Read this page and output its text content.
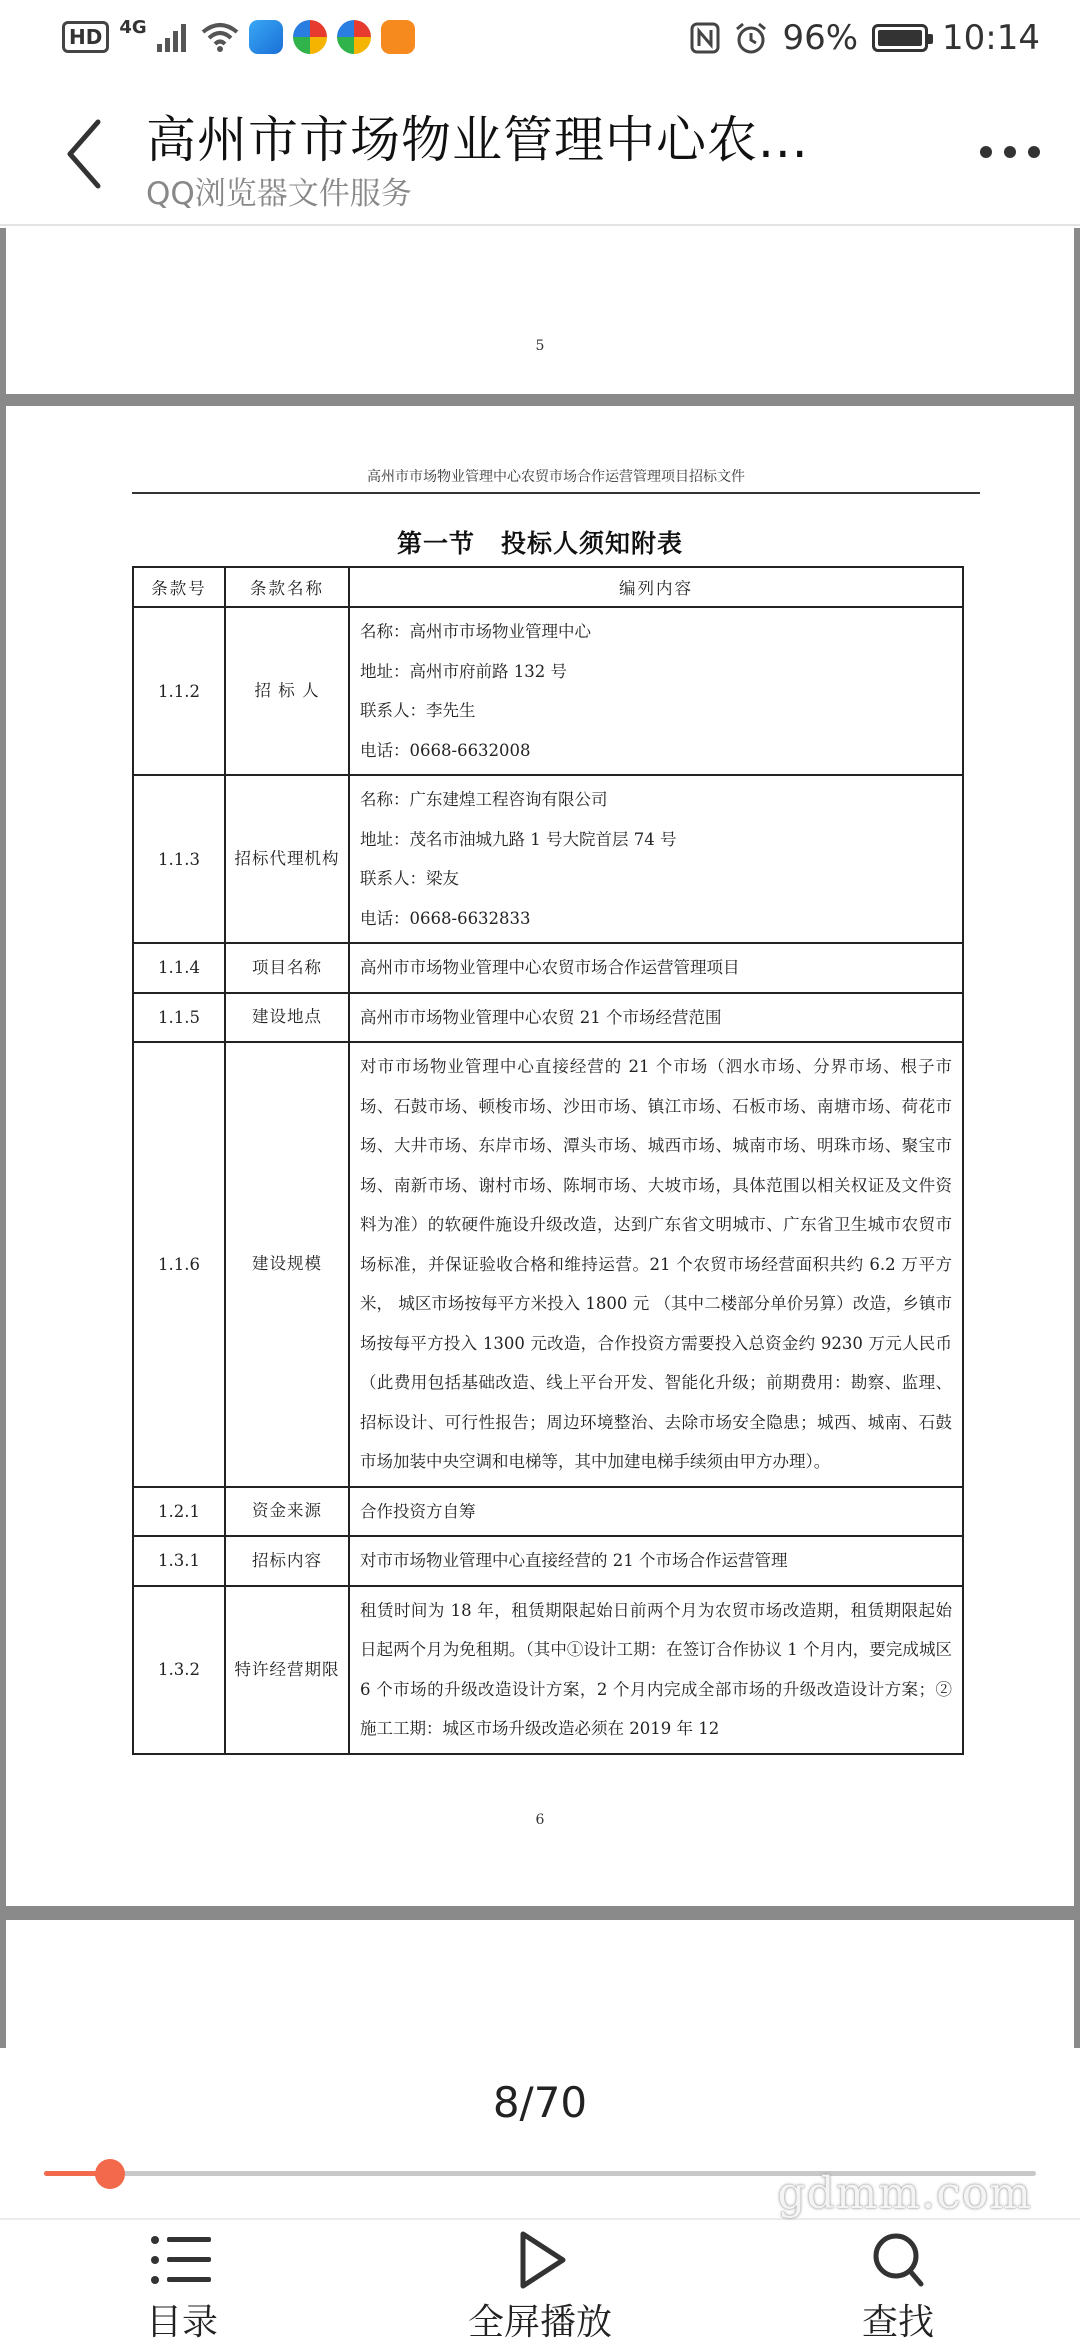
HD 4G	96% 10:14
高州市市场物业管理中心农...
QQ浏览器文件服务
5
高州市市场物业管理中心农贸市场合作运营管理项目招标文件
第一节　投标人须知附表
条款号	条款名称	编列内容
1.1.2	招 标 人	名称：高州市市场物业管理中心
地址：高州市府前路 132 号
联系人：李先生
电话：0668-6632008

1.1.3	招标代理机构	名称：广东建煌工程咨询有限公司
地址：茂名市油城九路 1 号大院首层 74 号
联系人：梁友
电话：0668-6632833

1.1.4	项目名称	高州市市场物业管理中心农贸市场合作运营管理项目
1.1.5	建设地点	高州市市场物业管理中心农贸 21 个市场经营范围
1.1.6	建设规模	对市市场物业管理中心直接经营的 21 个市场（泗水市场、分界市场、根子市场、石鼓市场、顿梭市场、沙田市场、镇江市场、石板市场、南塘市场、荷花市场、大井市场、东岸市场、潭头市场、城西市场、城南市场、明珠市场、聚宝市场、南新市场、谢村市场、陈垌市场、大坡市场，具体范围以相关权证及文件资料为准）的软硬件施设升级改造，达到广东省文明城市、广东省卫生城市农贸市场标准，并保证验收合格和维持运营。21 个农贸市场经营面积共约 6.2 万平方米， 城区市场按每平方米投入 1800 元 （其中二楼部分单价另算）改造，乡镇市场按每平方投入 1300 元改造，合作投资方需要投入总资金约 9230 万元人民币（此费用包括基础改造、线上平台开发、智能化升级；前期费用：勘察、监理、招标设计、可行性报告；周边环境整治、去除市场安全隐患；城西、城南、石鼓市场加装中央空调和电梯等，其中加建电梯手续须由甲方办理）。
1.2.1	资金来源	合作投资方自筹
1.3.1	招标内容	对市市场物业管理中心直接经营的 21 个市场合作运营管理
1.3.2	特许经营期限	租赁时间为 18 年，租赁期限起始日前两个月为农贸市场改造期，租赁期限起始日起两个月为免租期。（其中①设计工期：在签订合作协议 1 个月内，要完成城区 6 个市场的升级改造设计方案，2 个月内完成全部市场的升级改造设计方案；②施工工期：城区市场升级改造必须在 2019 年 12
6
8/70
目录	全屏播放	查找
gdmm.com
